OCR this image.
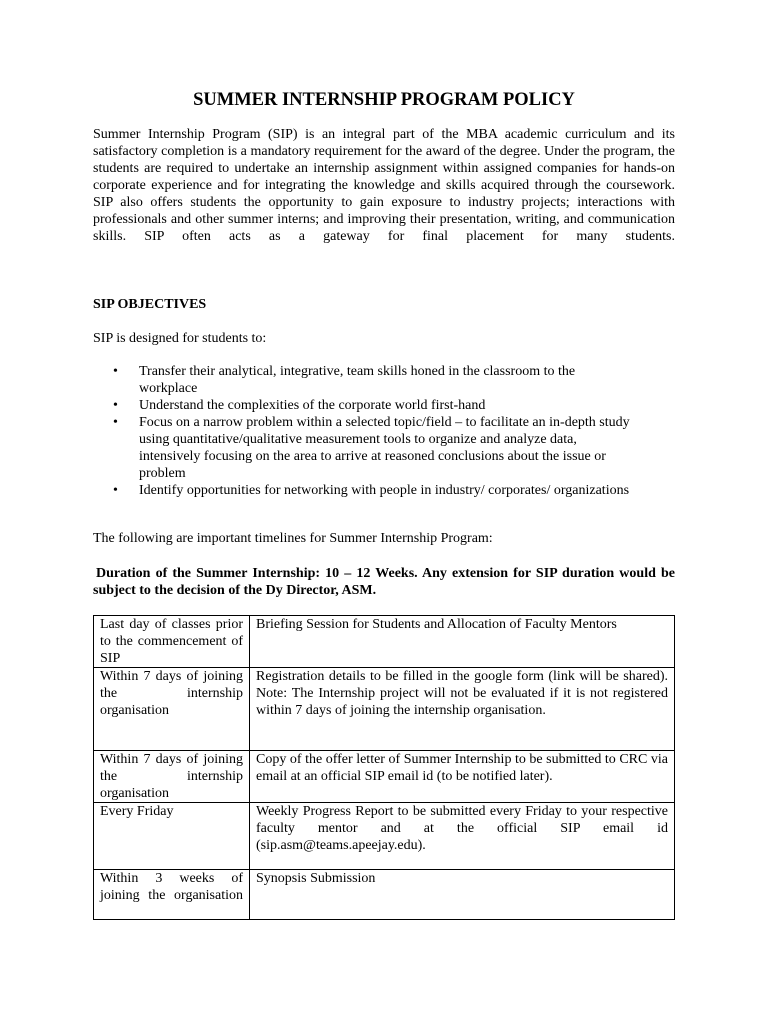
SUMMER INTERNSHIP PROGRAM POLICY

Summer Internship Program (SIP) is an integral part of the MBA academic curriculum and its satisfactory completion is a mandatory requirement for the award of the degree. Under the program, the students are required to undertake an internship assignment within assigned companies for hands-on corporate experience and for integrating the knowledge and skills acquired through the coursework. SIP also offers students the opportunity to gain exposure to industry projects; interactions with professionals and other summer interns; and improving their presentation, writing, and communication skills. SIP often acts as a gateway for final placement for many students.

SIP OBJECTIVES
SIP is designed for students to:
• Transfer their analytical, integrative, team skills honed in the classroom to the workplace
• Understand the complexities of the corporate world first-hand
• Focus on a narrow problem within a selected topic/field – to facilitate an in-depth study using quantitative/qualitative measurement tools to organize and analyze data, intensively focusing on the area to arrive at reasoned conclusions about the issue or problem
• Identify opportunities for networking with people in industry/ corporates/ organizations
The following are important timelines for Summer Internship Program:

Duration of the Summer Internship: 10 – 12 Weeks. Any extension for SIP duration would be subject to the decision of the Dy Director, ASM.

Last day of classes prior to the commencement of SIP	Briefing Session for Students and Allocation of Faculty Mentors
Within 7 days of joining the internship organisation	Registration details to be filled in the google form (link will be shared). Note: The Internship project will not be evaluated if it is not registered within 7 days of joining the internship organisation.
Within 7 days of joining the internship organisation	Copy of the offer letter of Summer Internship to be submitted to CRC via email at an official SIP email id (to be notified later).
Every Friday	Weekly Progress Report to be submitted every Friday to your respective faculty mentor and at the official SIP email id (sip.asm@teams.apeejay.edu).
Within 3 weeks of joining the organisation	Synopsis Submission
